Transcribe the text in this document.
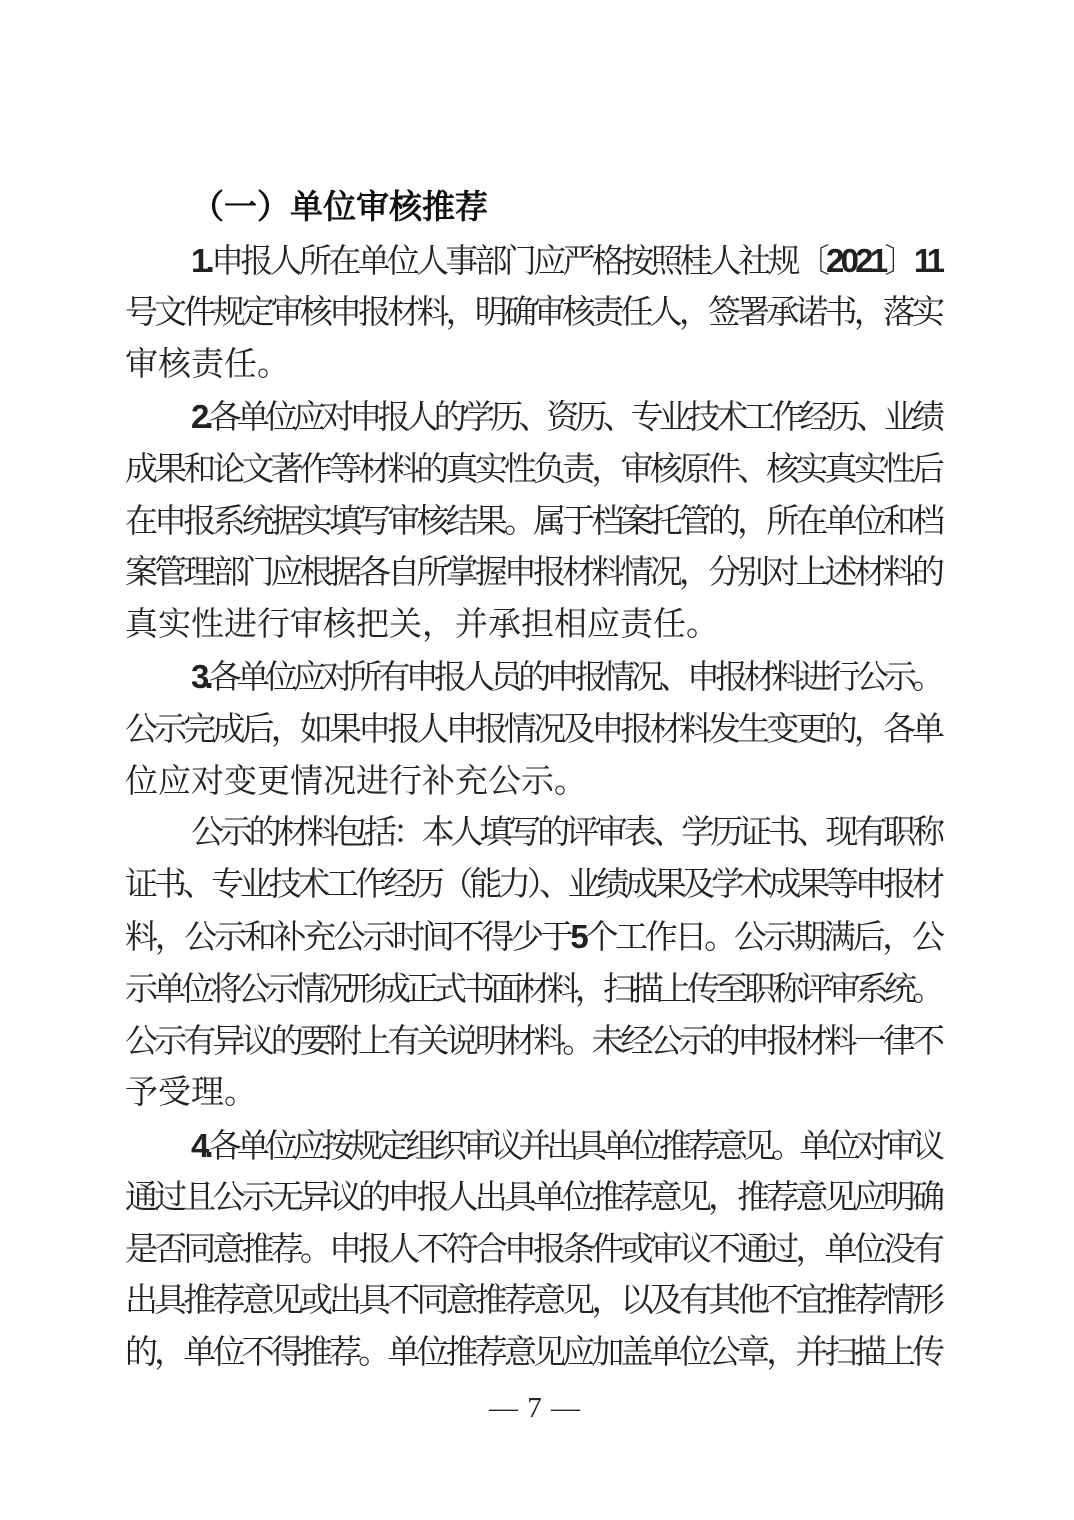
（一）单位审核推荐
1.申报人所在单位人事部门应严格按照桂人社规〔2021〕11
号文件规定审核申报材料，明确审核责任人，签署承诺书，落实
审核责任。
2.各单位应对申报人的学历、资历、专业技术工作经历、业绩
成果和论文著作等材料的真实性负责，审核原件、核实真实性后
在申报系统据实填写审核结果。属于档案托管的，所在单位和档
案管理部门应根据各自所掌握申报材料情况，分别对上述材料的
真实性进行审核把关，并承担相应责任。
3.各单位应对所有申报人员的申报情况、申报材料进行公示。
公示完成后，如果申报人申报情况及申报材料发生变更的，各单
位应对变更情况进行补充公示。
公示的材料包括：本人填写的评审表、学历证书、现有职称
证书、专业技术工作经历（能力）、业绩成果及学术成果等申报材
料，公示和补充公示时间不得少于5个工作日。公示期满后，公
示单位将公示情况形成正式书面材料，扫描上传至职称评审系统。
公示有异议的要附上有关说明材料。未经公示的申报材料一律不
予受理。
4.各单位应按规定组织审议并出具单位推荐意见。单位对审议
通过且公示无异议的申报人出具单位推荐意见，推荐意见应明确
是否同意推荐。申报人不符合申报条件或审议不通过，单位没有
出具推荐意见或出具不同意推荐意见，以及有其他不宜推荐情形
的，单位不得推荐。单位推荐意见应加盖单位公章，并扫描上传
— 7 —
